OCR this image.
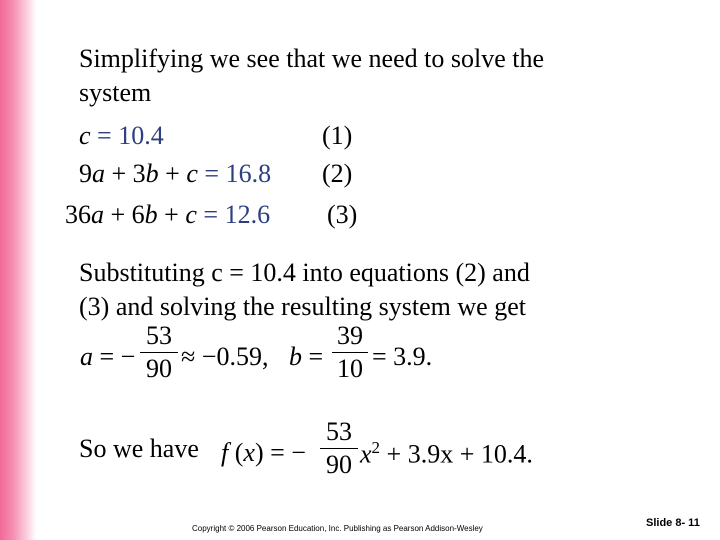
Simplifying we see that we need to solve the
system
c = 10.4	(1)
9a + 3b + c = 16.8 (2)
36a + 6b + c = 12.6 (3)
Substituting c = 10.4 into equations (2) and
(3) and solving the resulting system we get
a = −
53
90 ≈ −0.59, b =
39
10 = 3.9.
So we have f (x) = −
53
90 $x^2 + 3.9x + 10.4$.
Copyright © 2006 Pearson Education, Inc. Publishing as Pearson Addison-Wesley	Slide 8- 11
